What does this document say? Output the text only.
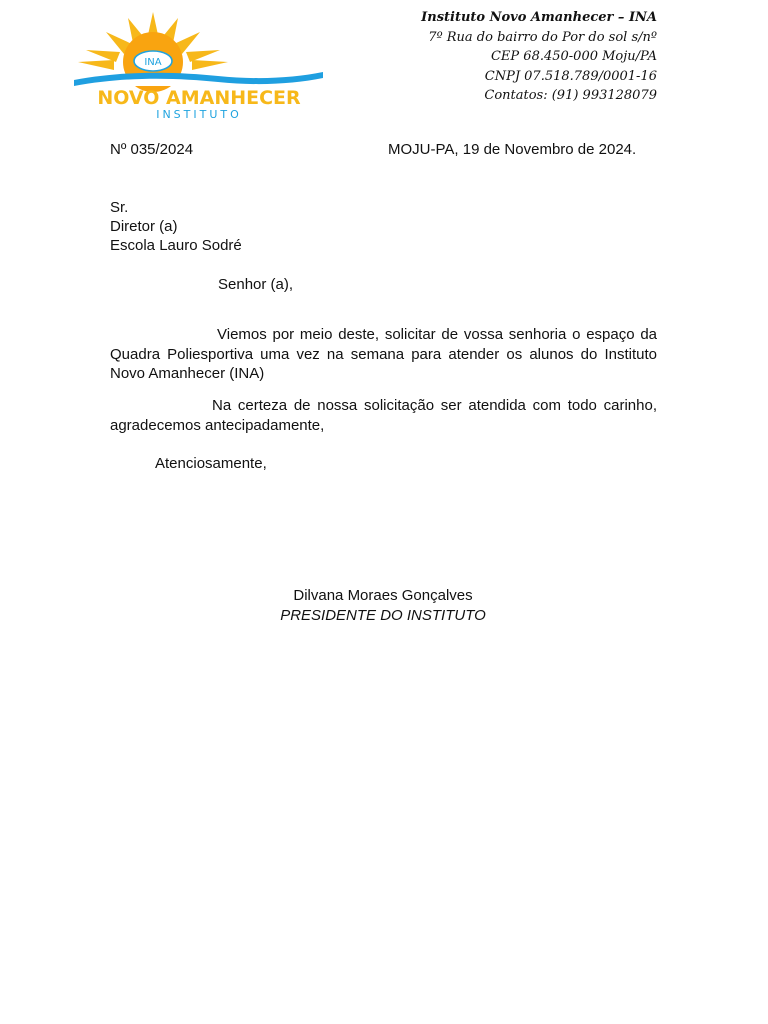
INA
NOVO AMANHECER
INSTITUTO
Instituto Novo Amanhecer – INA
7º Rua do bairro do Por do sol s/nº
CEP 68.450-000 Moju/PA
CNPJ 07.518.789/0001-16
Contatos: (91) 993128079
Nº 035/2024	MOJU-PA, 19 de Novembro de 2024.
Sr.
Diretor (a)
Escola Lauro Sodré
Senhor (a),

Viemos por meio deste, solicitar de vossa senhoria o espaço da Quadra Poliesportiva uma vez na semana para atender os alunos do Instituto Novo Amanhecer (INA)

Na certeza de nossa solicitação ser atendida com todo carinho, agradecemos antecipadamente,

Atenciosamente,
Dilvana Moraes Gonçalves
PRESIDENTE DO INSTITUTO
